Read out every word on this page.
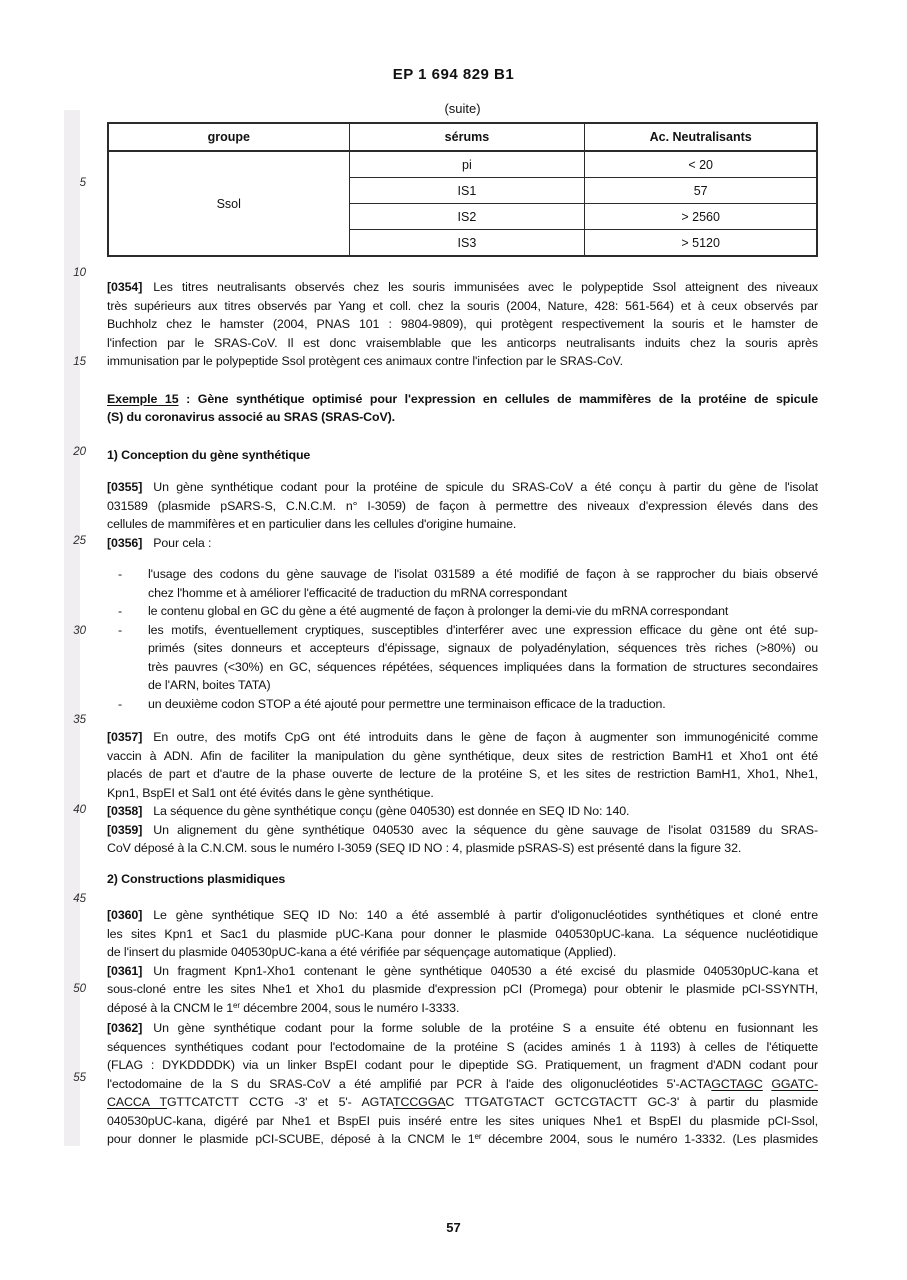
EP 1 694 829 B1
5
10
15
20
25
30
35
40
45
50
55
(suite)
groupe	sérums	Ac. Neutralisants
Ssol	pi	< 20
	IS1	57
	IS2	> 2560
	IS3	> 5120
[0354] Les titres neutralisants observés chez les souris immunisées avec le polypeptide Ssol atteignent des niveaux
très supérieurs aux titres observés par Yang et coll. chez la souris (2004, Nature, 428: 561-564) et à ceux observés par
Buchholz chez le hamster (2004, PNAS 101 : 9804-9809), qui protègent respectivement la souris et le hamster de
l'infection par le SRAS-CoV. Il est donc vraisemblable que les anticorps neutralisants induits chez la souris après
immunisation par le polypeptide Ssol protègent ces animaux contre l'infection par le SRAS-CoV.
Exemple 15 : Gène synthétique optimisé pour l'expression en cellules de mammifères de la protéine de spicule
(S) du coronavirus associé au SRAS (SRAS-CoV).
1) Conception du gène synthétique
[0355] Un gène synthétique codant pour la protéine de spicule du SRAS-CoV a été conçu à partir du gène de l'isolat
031589 (plasmide pSARS-S, C.N.C.M. n° I-3059) de façon à permettre des niveaux d'expression élevés dans des
cellules de mammifères et en particulier dans les cellules d'origine humaine.
[0356] Pour cela :
- l'usage des codons du gène sauvage de l'isolat 031589 a été modifié de façon à se rapprocher du biais observé
chez l'homme et à améliorer l'efficacité de traduction du mRNA correspondant
- le contenu global en GC du gène a été augmenté de façon à prolonger la demi-vie du mRNA correspondant
- les motifs, éventuellement cryptiques, susceptibles d'interférer avec une expression efficace du gène ont été sup-
primés (sites donneurs et accepteurs d'épissage, signaux de polyadénylation, séquences très riches (>80%) ou
très pauvres (<30%) en GC, séquences répétées, séquences impliquées dans la formation de structures secondaires
de l'ARN, boites TATA)
- un deuxième codon STOP a été ajouté pour permettre une terminaison efficace de la traduction.
[0357] En outre, des motifs CpG ont été introduits dans le gène de façon à augmenter son immunogénicité comme
vaccin à ADN. Afin de faciliter la manipulation du gène synthétique, deux sites de restriction BamH1 et Xho1 ont été
placés de part et d'autre de la phase ouverte de lecture de la protéine S, et les sites de restriction BamH1, Xho1, Nhe1,
Kpn1, BspEI et Sal1 ont été évités dans le gène synthétique.
[0358] La séquence du gène synthétique conçu (gène 040530) est donnée en SEQ ID No: 140.
[0359] Un alignement du gène synthétique 040530 avec la séquence du gène sauvage de l'isolat 031589 du SRAS-
CoV déposé à la C.N.CM. sous le numéro I-3059 (SEQ ID NO : 4, plasmide pSRAS-S) est présenté dans la figure 32.
2) Constructions plasmidiques
[0360] Le gène synthétique SEQ ID No: 140 a été assemblé à partir d'oligonucléotides synthétiques et cloné entre
les sites Kpn1 et Sac1 du plasmide pUC-Kana pour donner le plasmide 040530pUC-kana. La séquence nucléotidique
de l'insert du plasmide 040530pUC-kana a été vérifiée par séquençage automatique (Applied).
[0361] Un fragment Kpn1-Xho1 contenant le gène synthétique 040530 a été excisé du plasmide 040530pUC-kana et
sous-cloné entre les sites Nhe1 et Xho1 du plasmide d'expression pCI (Promega) pour obtenir le plasmide pCI-SSYNTH,
déposé à la CNCM le 1er décembre 2004, sous le numéro I-3333.
[0362] Un gène synthétique codant pour la forme soluble de la protéine S a ensuite été obtenu en fusionnant les
séquences synthétiques codant pour l'ectodomaine de la protéine S (acides aminés 1 à 1193) à celles de l'étiquette
(FLAG : DYKDDDDK) via un linker BspEI codant pour le dipeptide SG. Pratiquement, un fragment d'ADN codant pour
l'ectodomaine de la S du SRAS-CoV a été amplifié par PCR à l'aide des oligonucléotides 5'-ACTAGCTAGC GGATC-
CACCA TGTTCATCTT CCTG -3' et 5'- AGTATCCGGAC TTGATGTACT GCTCGTACTT GC-3' à partir du plasmide
040530pUC-kana, digéré par Nhe1 et BspEI puis inséré entre les sites uniques Nhe1 et BspEI du plasmide pCI-Ssol,
pour donner le plasmide pCI-SCUBE, déposé à la CNCM le 1er décembre 2004, sous le numéro 1-3332. (Les plasmides
57
